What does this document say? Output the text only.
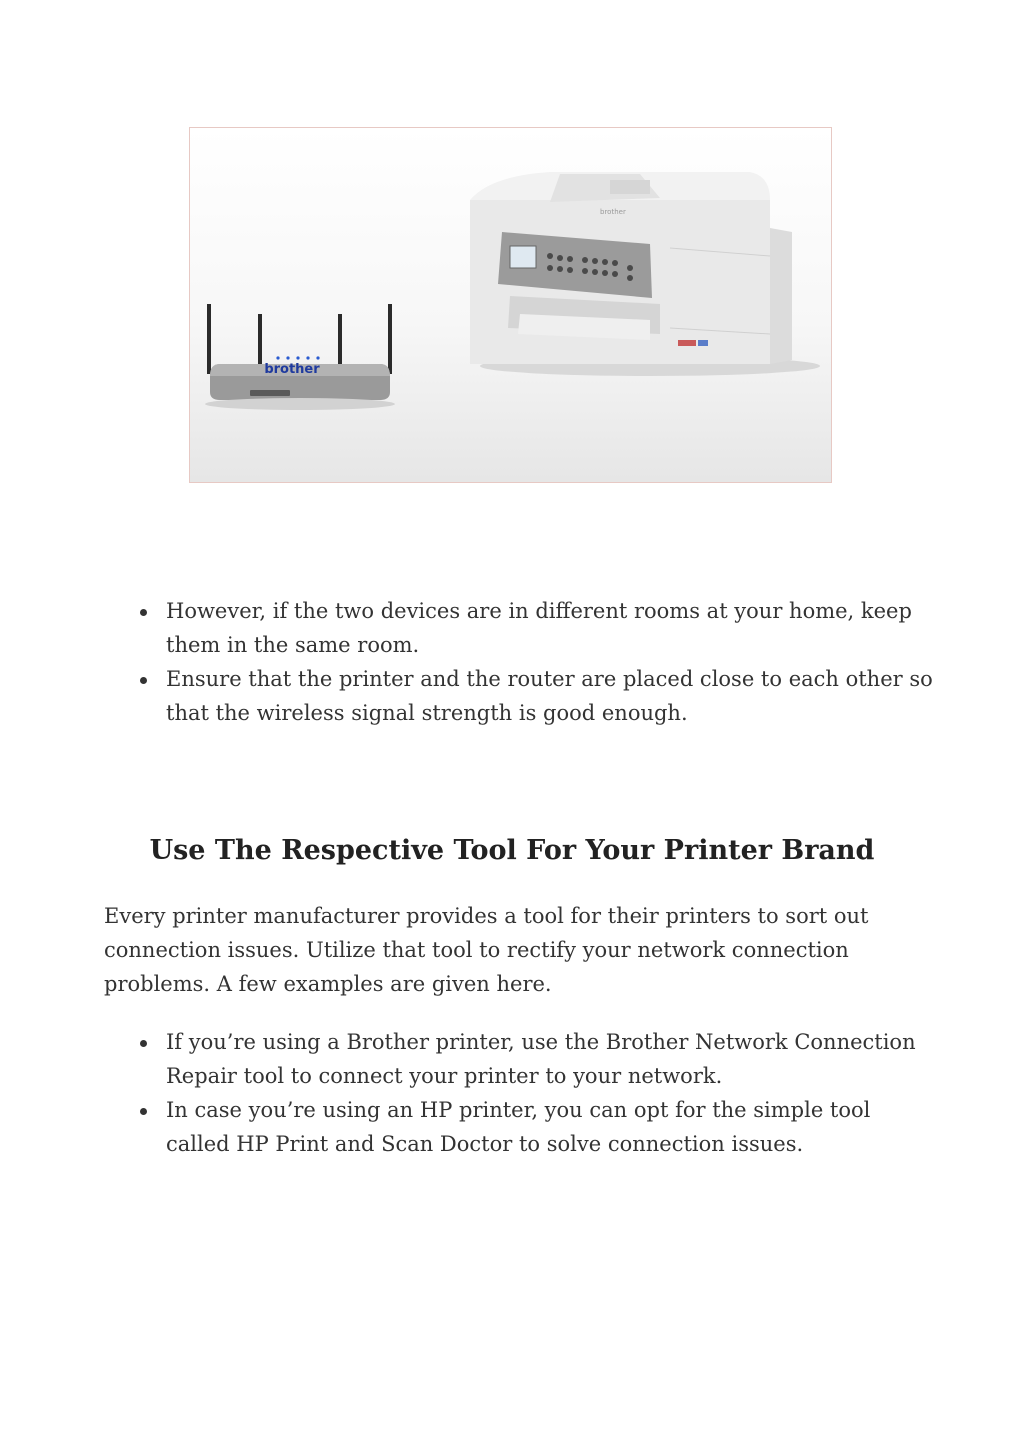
brother
brother
However, if the two devices are in different rooms at your home, keep them in the same room.
Ensure that the printer and the router are placed close to each other so that the wireless signal strength is good enough.
Use The Respective Tool For Your Printer Brand

Every printer manufacturer provides a tool for their printers to sort out connection issues. Utilize that tool to rectify your network connection problems. A few examples are given here.

If you’re using a Brother printer, use the Brother Network Connection Repair tool to connect your printer to your network.
In case you’re using an HP printer, you can opt for the simple tool called HP Print and Scan Doctor to solve connection issues.
